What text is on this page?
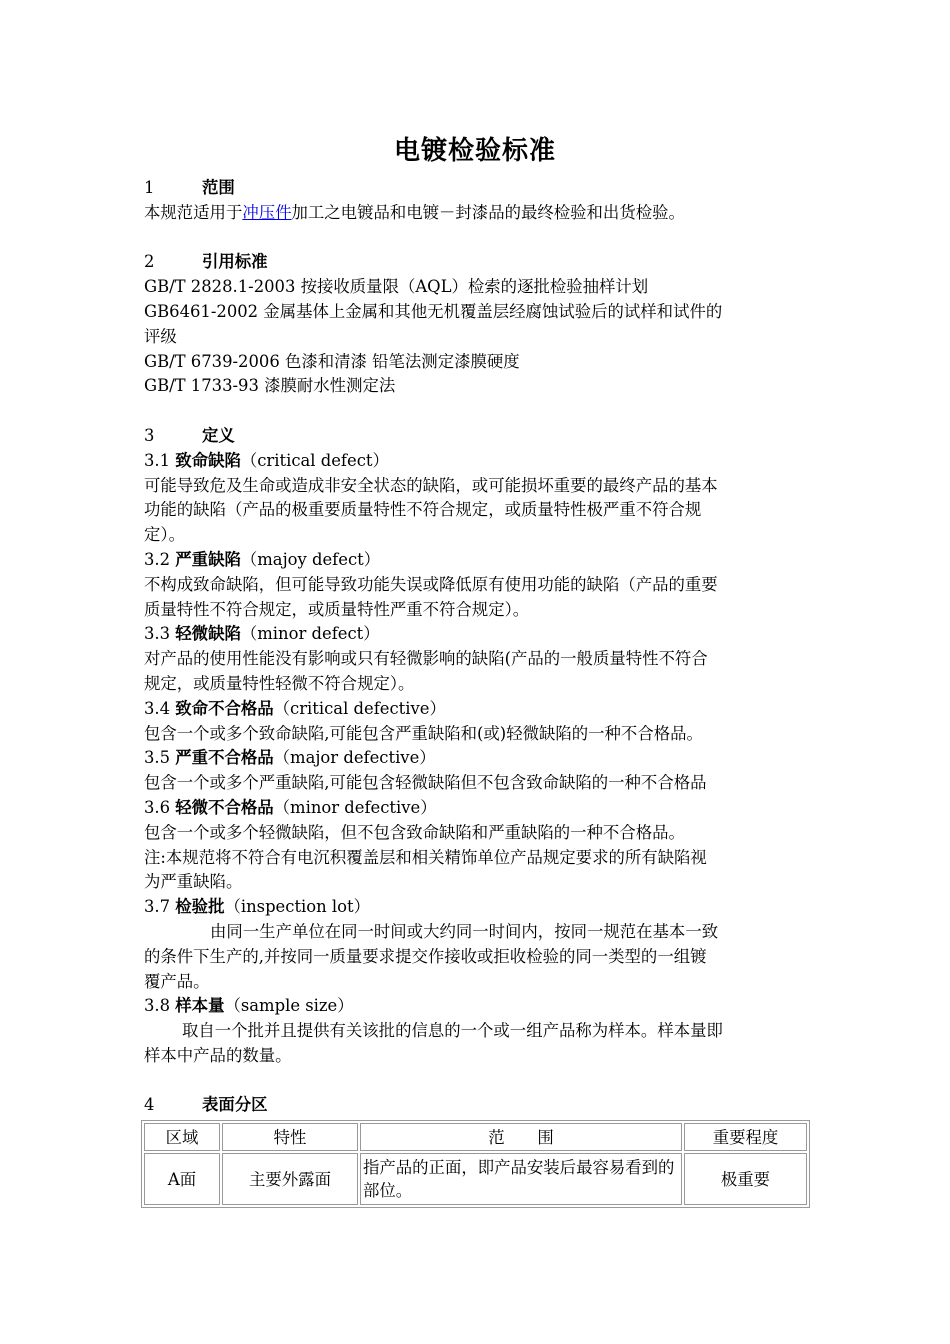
电镀检验标准

1	范围

本规范适用于冲压件加工之电镀品和电镀－封漆品的最终检验和出货检验。

2	引用标准

GB/T 2828.1-2003 按接收质量限（AQL）检索的逐批检验抽样计划

GB6461-2002 金属基体上金属和其他无机覆盖层经腐蚀试验后的试样和试件的

评级

GB/T 6739-2006 色漆和清漆 铅笔法测定漆膜硬度

GB/T 1733-93 漆膜耐水性测定法

3	定义

3.1 致命缺陷（critical defect）

可能导致危及生命或造成非安全状态的缺陷，或可能损坏重要的最终产品的基本

功能的缺陷（产品的极重要质量特性不符合规定，或质量特性极严重不符合规

定）。

3.2 严重缺陷（majoy defect）

不构成致命缺陷，但可能导致功能失误或降低原有使用功能的缺陷（产品的重要

质量特性不符合规定，或质量特性严重不符合规定）。

3.3 轻微缺陷（minor defect）

对产品的使用性能没有影响或只有轻微影响的缺陷(产品的一般质量特性不符合

规定，或质量特性轻微不符合规定）。

3.4 致命不合格品（critical defective）

包含一个或多个致命缺陷,可能包含严重缺陷和(或)轻微缺陷的一种不合格品。

3.5 严重不合格品（major defective）

包含一个或多个严重缺陷,可能包含轻微缺陷但不包含致命缺陷的一种不合格品

3.6 轻微不合格品（minor defective）

包含一个或多个轻微缺陷，但不包含致命缺陷和严重缺陷的一种不合格品。

注:本规范将不符合有电沉积覆盖层和相关精饰单位产品规定要求的所有缺陷视

为严重缺陷。

3.7 检验批（inspection lot）

由同一生产单位在同一时间或大约同一时间内，按同一规范在基本一致

的条件下生产的,并按同一质量要求提交作接收或拒收检验的同一类型的一组镀

覆产品。

3.8 样本量（sample size）

取自一个批并且提供有关该批的信息的一个或一组产品称为样本。样本量即

样本中产品的数量。

4	表面分区

区域	特性	范　　围	重要程度
A面	主要外露面	指产品的正面，即产品安装后最容易看到的部位。	极重要
